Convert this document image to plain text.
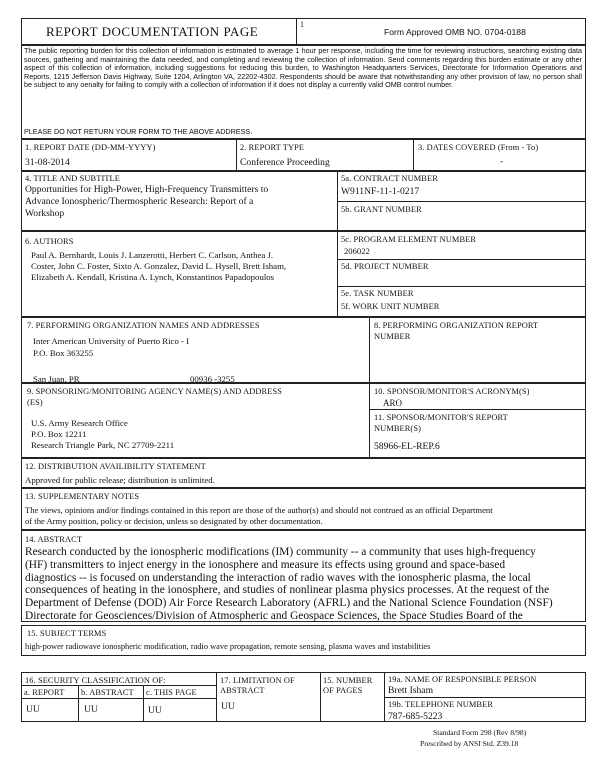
REPORT DOCUMENTATION PAGE	1
Form Approved OMB NO. 0704-0188
The public reporting burden for this collection of information is estimated to average 1 hour per response, including the time for reviewing instructions, searching existing data sources, gathering and maintaining the data needed, and completing and reviewing the collection of information. Send comments regarding this burden estimate or any other aspect of this collection of information, including suggestions for reducing this burden, to Washington Headquarters Services, Directorate for Information Operations and Reports, 1215 Jefferson Davis Highway, Suite 1204, Arlington VA, 22202-4302. Respondents should be aware that notwithstanding any other provision of law, no person shall be subject to any oenalty for failing to comply with a collection of information if it does not display a currently valid OMB control number.
PLEASE DO NOT RETURN YOUR FORM TO THE ABOVE ADDRESS.
1. REPORT DATE (DD-MM-YYYY)
31-08-2014
2. REPORT TYPE
Conference Proceeding
3. DATES COVERED (From - To)
-
4. TITLE AND SUBTITLE
Opportunities for High-Power, High-Frequency Transmitters to
Advance Ionospheric/Thermospheric Research: Report of a
Workshop
5a. CONTRACT NUMBER
W911NF-11-1-0217
5b. GRANT NUMBER
5c. PROGRAM ELEMENT NUMBER
206022
5d. PROJECT NUMBER
5e. TASK NUMBER
6. AUTHORS
Paul A. Bernhardt, Louis J. Lanzerotti, Herbert C. Carlson, Anthea J.
Coster, John C. Foster, Sixto A. Gonzalez, David L. Hysell, Brett Isham,
Elizabeth A. Kendall, Kristina A. Lynch, Konstantinos Papadopoulos
7. PERFORMING ORGANIZATION NAMES AND ADDRESSES
Inter American University of Puerto Rico - I
P.O. Box 363255
San Juan, PR	00936 -3255
8. PERFORMING ORGANIZATION REPORT
NUMBER
9. SPONSORING/MONITORING AGENCY NAME(S) AND ADDRESS
(ES)
U.S. Army Research Office
P.O. Box 12211
Research Triangle Park, NC 27709-2211
10. SPONSOR/MONITOR'S ACRONYM(S)
ARO
11. SPONSOR/MONITOR'S REPORT
NUMBER(S)
58966-EL-REP.6
12. DISTRIBUTION AVAILIBILITY STATEMENT
Approved for public release; distribution is unlimited.
13. SUPPLEMENTARY NOTES
The views, opinions and/or findings contained in this report are those of the author(s) and should not contrued as an official Department
of the Army position, policy or decision, unless so designated by other documentation.
14. ABSTRACT
Research conducted by the ionospheric modifications (IM) community -- a community that uses high-frequency
(HF) transmitters to inject energy in the ionosphere and measure its effects using ground and space-based
diagnostics -- is focused on understanding the interaction of radio waves with the ionospheric plasma, the local
consequences of heating in the ionosphere, and studies of nonlinear plasma physics processes. At the request of the
Department of Defense (DOD) Air Force Research Laboratory (AFRL) and the National Science Foundation (NSF)
Directorate for Geosciences/Division of Atmospheric and Geospace Sciences, the Space Studies Board of the
15. SUBJECT TERMS
high-power radiowave ionospheric modification, radio wave propagation, remote sensing, plasma waves and instabilities
16. SECURITY CLASSIFICATION OF:
a. REPORT
UU
b. ABSTRACT
UU
c. THIS PAGE
UU
17. LIMITATION OF
ABSTRACT
UU
15. NUMBER
OF PAGES
19a. NAME OF RESPONSIBLE PERSON
Brett Isham
19b. TELEPHONE NUMBER
787-685-5223
5f. WORK UNIT NUMBER
Standard Form 298 (Rev 8/98)
Prescribed by ANSI Std. Z39.18
